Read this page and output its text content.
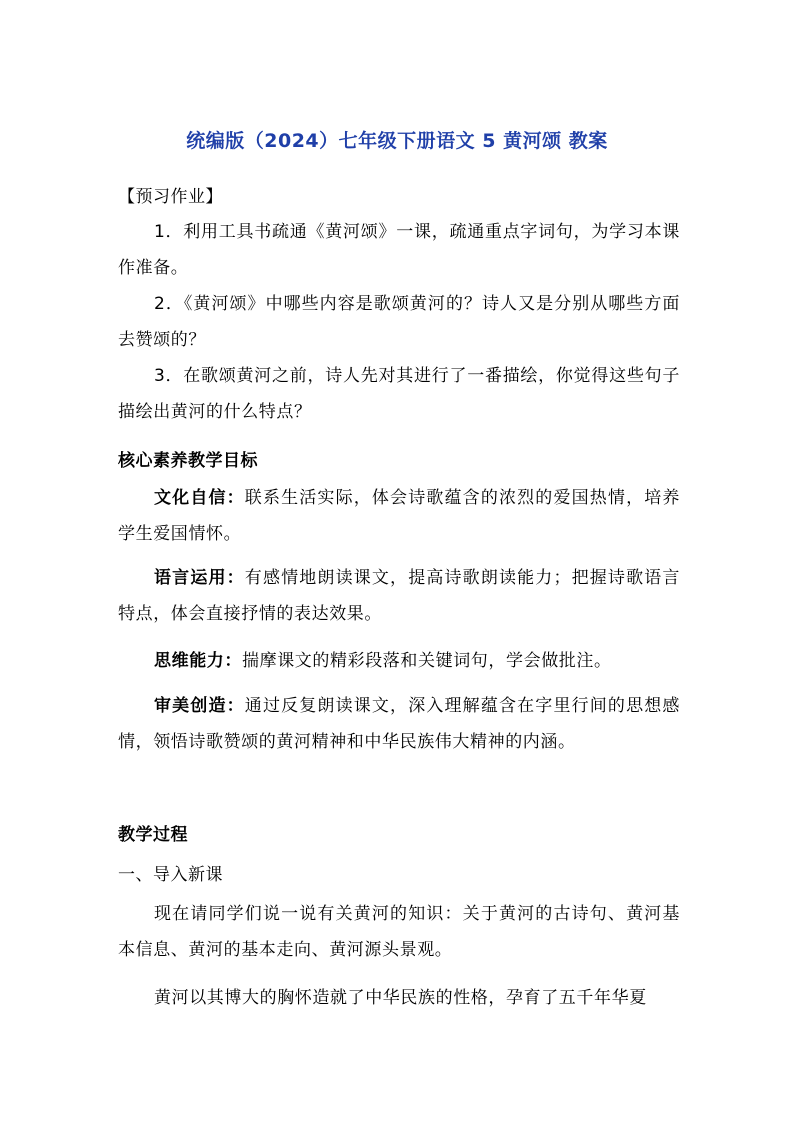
统编版（2024）七年级下册语文 5 黄河颂 教案
【预习作业】
1．利用工具书疏通《黄河颂》一课，疏通重点字词句，为学习本课作准备。
2．《黄河颂》中哪些内容是歌颂黄河的？诗人又是分别从哪些方面去赞颂的？
3．在歌颂黄河之前，诗人先对其进行了一番描绘，你觉得这些句子描绘出黄河的什么特点？
核心素养教学目标
文化自信：联系生活实际，体会诗歌蕴含的浓烈的爱国热情，培养学生爱国情怀。
语言运用：有感情地朗读课文，提高诗歌朗读能力；把握诗歌语言特点，体会直接抒情的表达效果。
思维能力：揣摩课文的精彩段落和关键词句，学会做批注。
审美创造：通过反复朗读课文，深入理解蕴含在字里行间的思想感情，领悟诗歌赞颂的黄河精神和中华民族伟大精神的内涵。
教学过程
一、导入新课
现在请同学们说一说有关黄河的知识：关于黄河的古诗句、黄河基本信息、黄河的基本走向、黄河源头景观。
黄河以其博大的胸怀造就了中华民族的性格，孕育了五千年华夏
